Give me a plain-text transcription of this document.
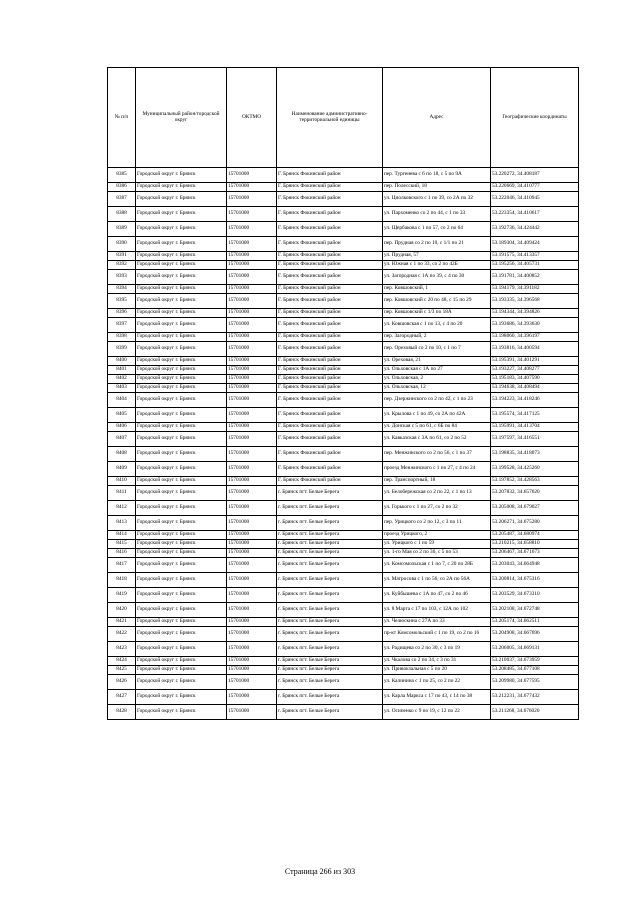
№ п/п	Муниципальный район/городской округ	ОКТМО	Наименование административно-территориальной единицы	Адрес	Географические координаты
8385	Городской округ г. Брянск	15701000	Г. Брянск Фокинский район	пер. Тургенева с 6 по 18, с 5 по 9А	53.220272, 34.408187
8386	Городской округ г. Брянск	15701000	Г. Брянск Фокинский район	пер. Полесский, 18	53.220669, 34.410777
8387	Городской округ г. Брянск	15701000	Г. Брянск Фокинский район	ул. Циолковского с 1 по 39, со 2А по 32	53.222046, 34.410945
8388	Городской округ г. Брянск	15701000	Г. Брянск Фокинский район	ул. Пархоменко со 2 по 44, с 1 по 33	53.223354, 34.410617
8389	Городской округ г. Брянск	15701000	Г. Брянск Фокинский район	ул. Щербакова с 1 по 57, со 2 по 64	53.192736, 34.424442
8390	Городской округ г. Брянск	15701000	Г. Брянск Фокинский район	пер. Прудная со 2 по 10, с 1/1 по 21	53.189304, 34.409424
8391	Городской округ г. Брянск	15701000	Г. Брянск Фокинский район	ул. Прудная, 57	53.191575, 34.413357
8392	Городской округ г. Брянск	15701000	Г. Брянск Фокинский район	ул. Южная с 1 по 33, со 2 по 42Б	53.195256, 34.405731
8393	Городской округ г. Брянск	15701000	Г. Брянск Фокинский район	ул. Загородная с 1А по 39, с 4 по 30	53.191781, 34.400852
8394	Городской округ г. Брянск	15701000	Г. Брянск Фокинский район	пер. Ковшовский, 1	53.194179, 34.391182
8395	Городской округ г. Брянск	15701000	Г. Брянск Фокинский район	пер. Ковшовский с 20 по 48, с 15 по 29	53.193335, 34.396568
8396	Городской округ г. Брянск	15701000	Г. Брянск Фокинский район	пер. Ковшовский с 1/3 по 18А	53.194344, 34.394826
8397	Городской округ г. Брянск	15701000	Г. Брянск Фокинский район	ул. Ковшовская с 1 по 13, с 4 по 20	53.193686, 34.393630
8398	Городской округ г. Брянск	15701000	Г. Брянск Фокинский район	пер. Загородный, 2	53.198060, 34.396197
8399	Городской округ г. Брянск	15701000	Г. Брянск Фокинский район	пер. Ореховый со 2 по 10, с 1 по 7	53.193816, 34.400594
8400	Городской округ г. Брянск	15701000	Г. Брянск Фокинский район	ул. Ореховая, 21	53.195391, 34.401291
8401	Городской округ г. Брянск	15701000	Г. Брянск Фокинский район	ул. Ольховская с 1А по 27	53.193227, 34.408277
8402	Городской округ г. Брянск	15701000	Г. Брянск Фокинский район	ул. Ольховская, 2	53.195183, 34.407590
8403	Городской округ г. Брянск	15701000	Г. Брянск Фокинский район	ул. Ольховская, 12	53.194638, 34.408494
8404	Городской округ г. Брянск	15701000	Г. Брянск Фокинский район	пер. Дзержинского со 2 по 42, с 1 по 23	53.194223, 34.418246
8405	Городской округ г. Брянск	15701000	Г. Брянск Фокинский район	ул. Крылова с 1 по 49, со 2А по 42А	53.195574, 34.417125
8406	Городской округ г. Брянск	15701000	Г. Брянск Фокинский район	ул. Донская с 5 по 61, с 6Б по 84	53.195991, 34.413704
8407	Городской округ г. Брянск	15701000	Г. Брянск Фокинский район	ул. Кавказская с 3А по 61, со 2 по 52	53.197597, 34.416551
8408	Городской округ г. Брянск	15701000	Г. Брянск Фокинский район	пер. Менжинского со 2 по 56, с 1 по 37	53.198835, 34.418073
8409	Городской округ г. Брянск	15701000	Г. Брянск Фокинский район	проезд Менжинского с 1 по 27, с 4 по 24	53.199528, 34.425260
8410	Городской округ г. Брянск	15701000	Г. Брянск Фокинский район	пер. Транспортный, 18	53.197852, 34.428563
8411	Городской округ г. Брянск	15701000	г. Брянск пгт. Белые Берега	ул. Белобережская со 2 по 22, с 1 по 13	53.207832, 34.657620
8412	Городской округ г. Брянск	15701000	г. Брянск пгт. Белые Берега	ул. Горького с 1 по 27, со 2 по 32	53.205008, 34.679027
8413	Городской округ г. Брянск	15701000	г. Брянск пгт. Белые Берега	пер. Урицкого со 2 по 12, с 3 по 11	53.206271, 34.675280
8414	Городской округ г. Брянск	15701000	г. Брянск пгт. Белые Берега	проезд Урицкого, 2	53.205487, 34.680974
8415	Городской округ г. Брянск	15701000	г. Брянск пгт. Белые Берега	ул. Урицкого с 1 по 59	53.210215, 34.658810
8416	Городской округ г. Брянск	15701000	г. Брянск пгт. Белые Берега	ул. 1-го Мая со 2 по 30, с 5 по 53	53.206467, 34.671673
8417	Городской округ г. Брянск	15701000	г. Брянск пгт. Белые Берега	ул. Комсомольская с 1 по 7, с 20 по 28Б	53.203043, 34.664948
8418	Городской округ г. Брянск	15701000	г. Брянск пгт. Белые Берега	ул. Матросова с 1 по 56, со 2А по 56А	53.200814, 34.675316
8419	Городской округ г. Брянск	15701000	г. Брянск пгт. Белые Берега	ул. Куйбышева с 1А по 47, со 2 по 46	53.203529, 34.673310
8420	Городской округ г. Брянск	15701000	г. Брянск пгт. Белые Берега	ул. 8 Марта с 17 по 103, с 12А по 102	53.202108, 34.672748
8421	Городской округ г. Брянск	15701000	г. Брянск пгт. Белые Берега	ул. Челюскина с 27А по 33	53.205174, 34.662511
8422	Городской округ г. Брянск	15701000	г. Брянск пгт. Белые Берега	пр-кт Комсомольский с 1 по 19, со 2 по 16	53.204908, 34.667696
8423	Городской округ г. Брянск	15701000	г. Брянск пгт. Белые Берега	ул. Радищева со 2 по 30, с 3 по 19	53.206005, 34.669131
8424	Городской округ г. Брянск	15701000	г. Брянск пгт. Белые Берега	ул. Чкалова со 2 по 34, с 3 по 31	53.210037, 34.673959
8425	Городской округ г. Брянск	15701000	г. Брянск пгт. Белые Берега	ул. Привокзальная с 5 по 20	53.208485, 34.677108
8426	Городской округ г. Брянск	15701000	г. Брянск пгт. Белые Берега	ул. Калинина с 1 по 25, со 2 по 22	53.209980, 34.677595
8427	Городской округ г. Брянск	15701000	г. Брянск пгт. Белые Берега	ул. Карла Маркса с 17 по 43, с 14 по 38	53.212231, 34.677432
8428	Городской округ г. Брянск	15701000	г. Брянск пгт. Белые Берега	ул. Осипенко с 9 по 19, с 12 по 22	53.211268, 34.676020
Страница 266 из 303
